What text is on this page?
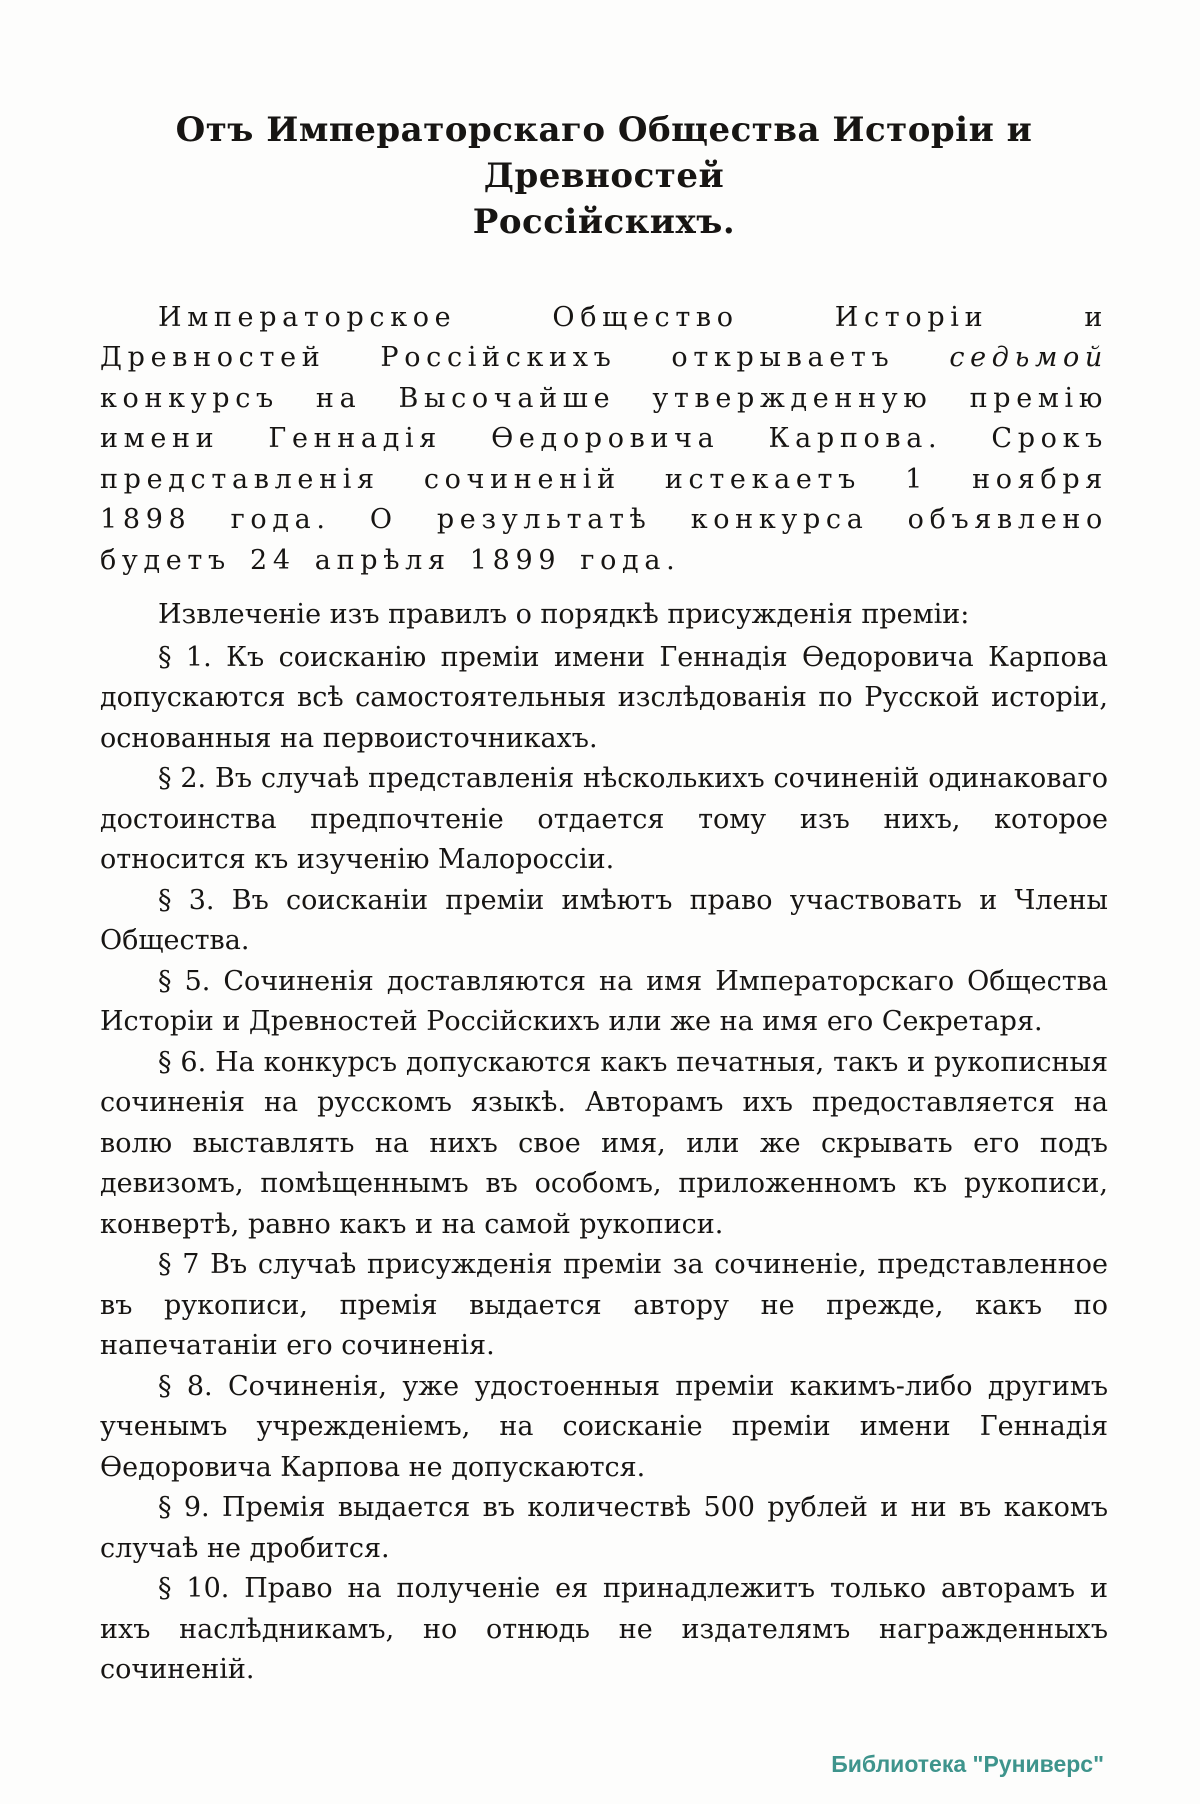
Отъ Императорскаго Общества Исторіи и Древностей
Россійскихъ.

Императорское Общество Исторіи и Древностей Россійскихъ открываетъ седьмой конкурсъ на Высочайше утвержденную премію имени Геннадія Ѳедоровича Карпова. Срокъ представленія сочиненій истекаетъ 1 ноября 1898 года. О результатѣ конкурса объявлено будетъ 24 апрѣля 1899 года.

Извлеченіе изъ правилъ о порядкѣ присужденія преміи:

§ 1. Къ соисканію преміи имени Геннадія Ѳедоровича Карпова допускаются всѣ самостоятельныя изслѣдованія по Русской исторіи, основанныя на первоисточникахъ.

§ 2. Въ случаѣ представленія нѣсколькихъ сочиненій одинаковаго достоинства предпочтеніе отдается тому изъ нихъ, которое относится къ изученію Малороссіи.

§ 3. Въ соисканіи преміи имѣютъ право участвовать и Члены Общества.

§ 5. Сочиненія доставляются на имя Императорскаго Общества Исторіи и Древностей Россійскихъ или же на имя его Секретаря.

§ 6. На конкурсъ допускаются какъ печатныя, такъ и рукописныя сочиненія на русскомъ языкѣ. Авторамъ ихъ предоставляется на волю выставлять на нихъ свое имя, или же скрывать его подъ девизомъ, помѣщеннымъ въ особомъ, приложенномъ къ рукописи, конвертѣ, равно какъ и на самой рукописи.

§ 7 Въ случаѣ присужденія преміи за сочиненіе, представленное въ рукописи, премія выдается автору не прежде, какъ по напечатаніи его сочиненія.

§ 8. Сочиненія, уже удостоенныя преміи какимъ-либо другимъ ученымъ учрежденіемъ, на соисканіе преміи имени Геннадія Ѳедоровича Карпова не допускаются.

§ 9. Премія выдается въ количествѣ 500 рублей и ни въ какомъ случаѣ не дробится.

§ 10. Право на полученіе ея принадлежитъ только авторамъ и ихъ наслѣдникамъ, но отнюдь не издателямъ награжденныхъ сочиненій.

Библиотека "Руниверс"
